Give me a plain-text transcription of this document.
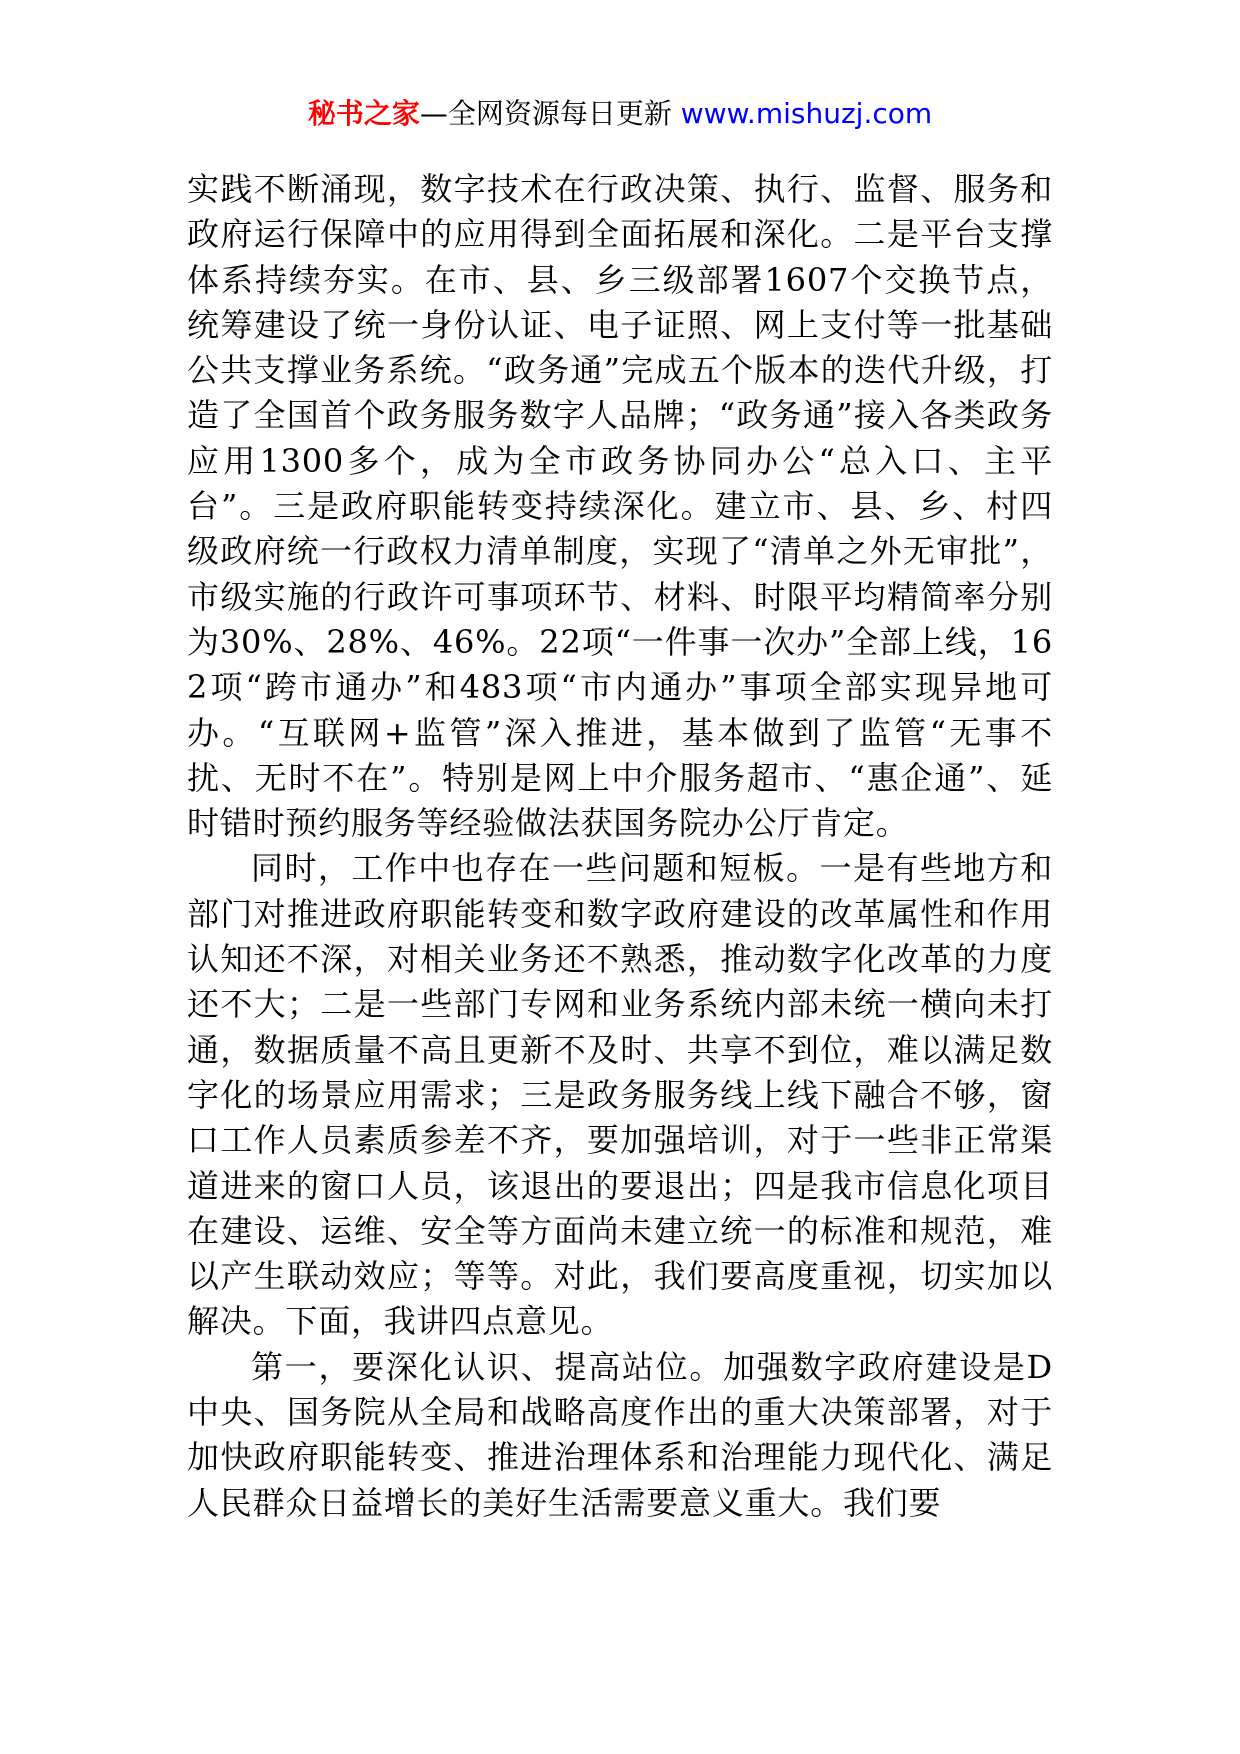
秘书之家—全网资源每日更新 www.mishuzj.com

实践不断涌现，数字技术在行政决策、执行、监督、服务和政府运行保障中的应用得到全面拓展和深化。二是平台支撑体系持续夯实。在市、县、乡三级部署1607个交换节点，统筹建设了统一身份认证、电子证照、网上支付等一批基础公共支撑业务系统。“政务通”完成五个版本的迭代升级，打造了全国首个政务服务数字人品牌；“政务通”接入各类政务应用1300多个，成为全市政务协同办公“总入口、主平台”。三是政府职能转变持续深化。建立市、县、乡、村四级政府统一行政权力清单制度，实现了“清单之外无审批”，市级实施的行政许可事项环节、材料、时限平均精简率分别为30%、28%、46%。22项“一件事一次办”全部上线，162项“跨市通办”和483项“市内通办”事项全部实现异地可办。“互联网+监管”深入推进，基本做到了监管“无事不扰、无时不在”。特别是网上中介服务超市、“惠企通”、延时错时预约服务等经验做法获国务院办公厅肯定。

同时，工作中也存在一些问题和短板。一是有些地方和部门对推进政府职能转变和数字政府建设的改革属性和作用认知还不深，对相关业务还不熟悉，推动数字化改革的力度还不大；二是一些部门专网和业务系统内部未统一横向未打通，数据质量不高且更新不及时、共享不到位，难以满足数字化的场景应用需求；三是政务服务线上线下融合不够，窗口工作人员素质参差不齐，要加强培训，对于一些非正常渠道进来的窗口人员，该退出的要退出；四是我市信息化项目在建设、运维、安全等方面尚未建立统一的标准和规范，难以产生联动效应；等等。对此，我们要高度重视，切实加以解决。下面，我讲四点意见。

第一，要深化认识、提高站位。加强数字政府建设是D中央、国务院从全局和战略高度作出的重大决策部署，对于加快政府职能转变、推进治理体系和治理能力现代化、满足人民群众日益增长的美好生活需要意义重大。我们要
